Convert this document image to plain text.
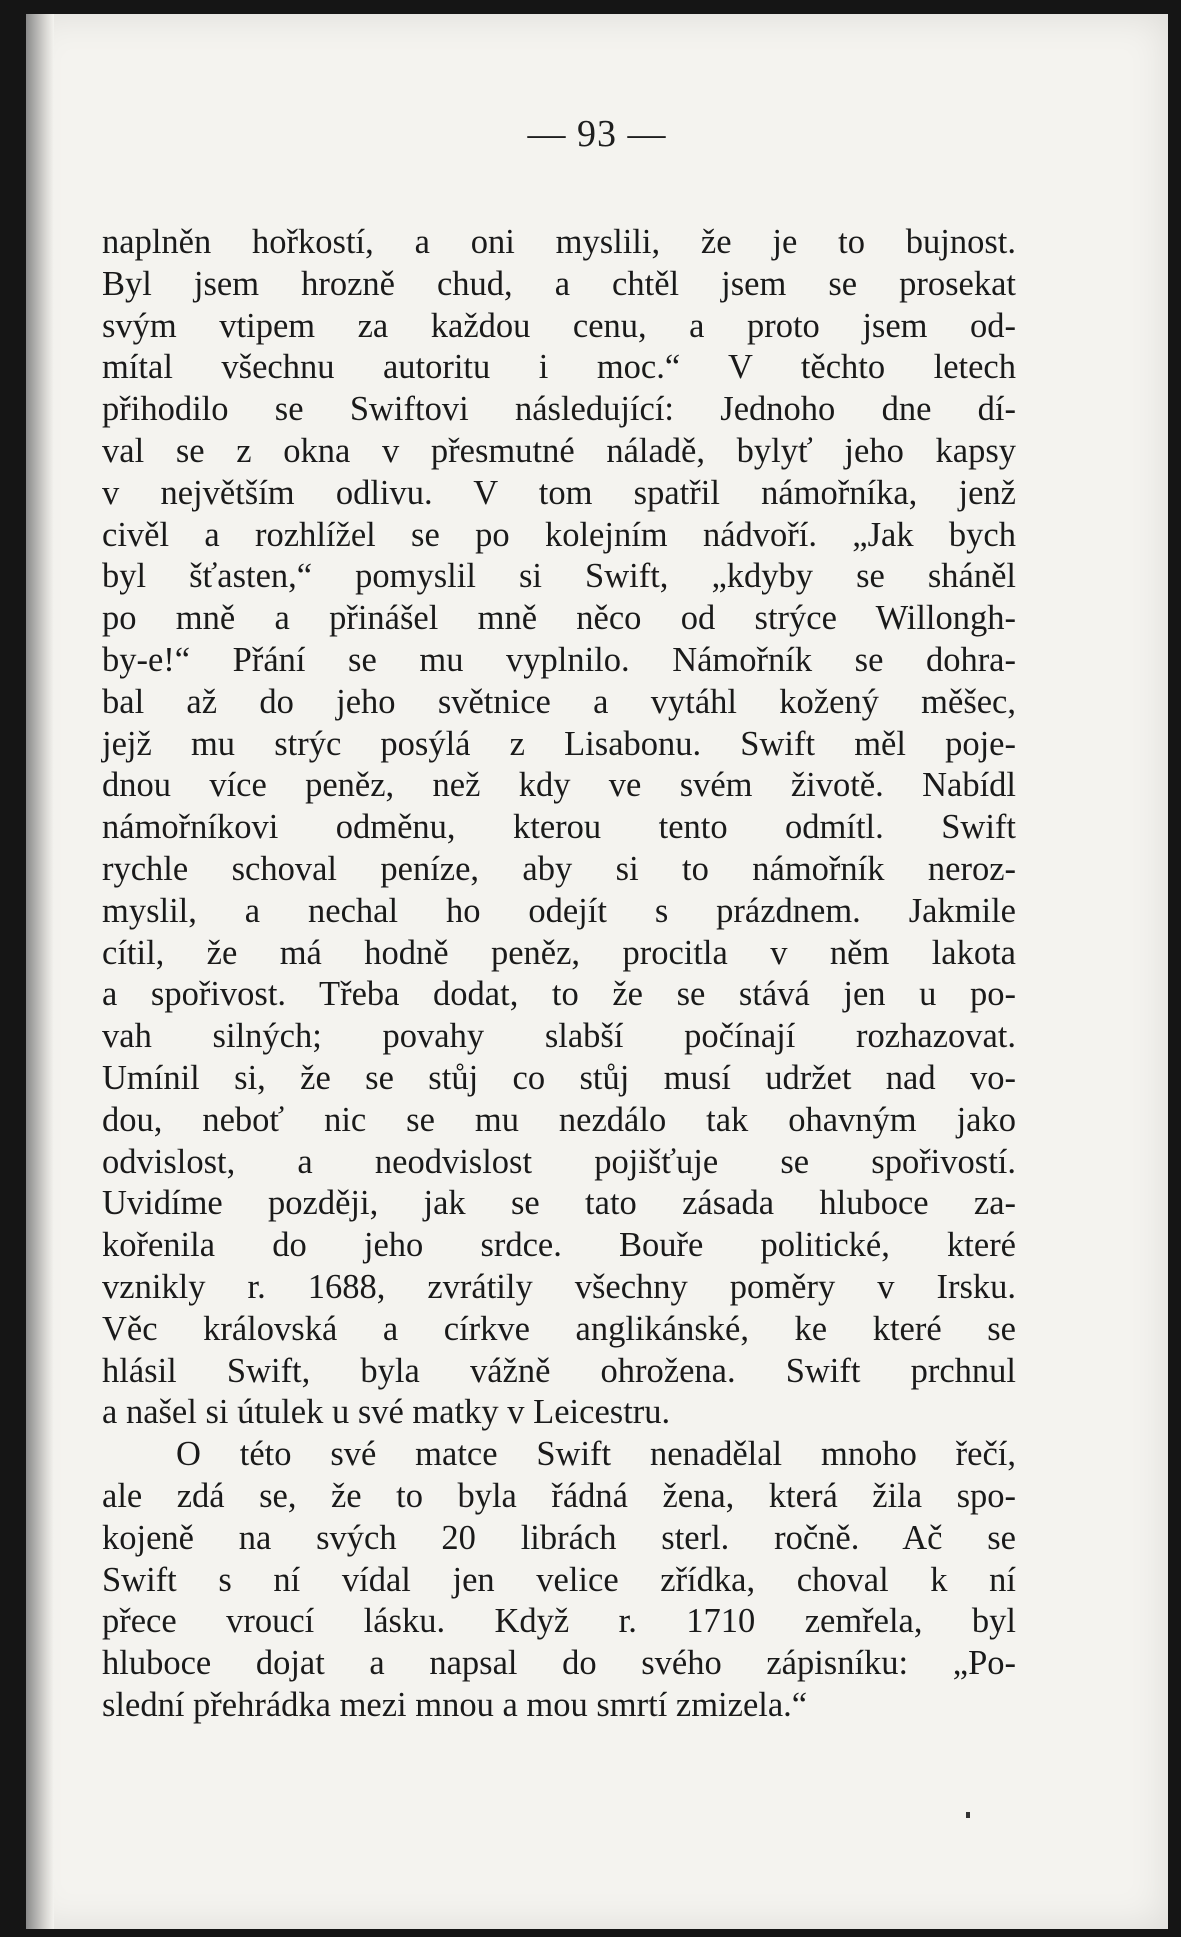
— 93 —
naplněn hořkostí, a oni myslili, že je to bujnost.
Byl jsem hrozně chud, a chtěl jsem se prosekat
svým vtipem za každou cenu, a proto jsem od-
mítal všechnu autoritu i moc.“ V těchto letech
přihodilo se Swiftovi následující: Jednoho dne dí-
val se z okna v přesmutné náladě, bylyť jeho kapsy
v největším odlivu. V tom spatřil námořníka, jenž
civěl a rozhlížel se po kolejním nádvoří. „Jak bych
byl šťasten,“ pomyslil si Swift, „kdyby se sháněl
po mně a přinášel mně něco od strýce Willongh-
by-e!“ Přání se mu vyplnilo. Námořník se dohra-
bal až do jeho světnice a vytáhl kožený měšec,
jejž mu strýc posýlá z Lisabonu. Swift měl poje-
dnou více peněz, než kdy ve svém životě. Nabídl
námořníkovi odměnu, kterou tento odmítl. Swift
rychle schoval peníze, aby si to námořník neroz-
myslil, a nechal ho odejít s prázdnem. Jakmile
cítil, že má hodně peněz, procitla v něm lakota
a spořivost. Třeba dodat, to že se stává jen u po-
vah silných; povahy slabší počínají rozhazovat.
Umínil si, že se stůj co stůj musí udržet nad vo-
dou, neboť nic se mu nezdálo tak ohavným jako
odvislost, a neodvislost pojišťuje se spořivostí.
Uvidíme později, jak se tato zásada hluboce za-
kořenila do jeho srdce. Bouře politické, které
vznikly r. 1688, zvrátily všechny poměry v Irsku.
Věc královská a církve anglikánské, ke které se
hlásil Swift, byla vážně ohrožena. Swift prchnul
a našel si útulek u své matky v Leicestru.
O této své matce Swift nenadělal mnoho řečí,
ale zdá se, že to byla řádná žena, která žila spo-
kojeně na svých 20 librách sterl. ročně. Ač se
Swift s ní vídal jen velice zřídka, choval k ní
přece vroucí lásku. Když r. 1710 zemřela, byl
hluboce dojat a napsal do svého zápisníku: „Po-
slední přehrádka mezi mnou a mou smrtí zmizela.“
